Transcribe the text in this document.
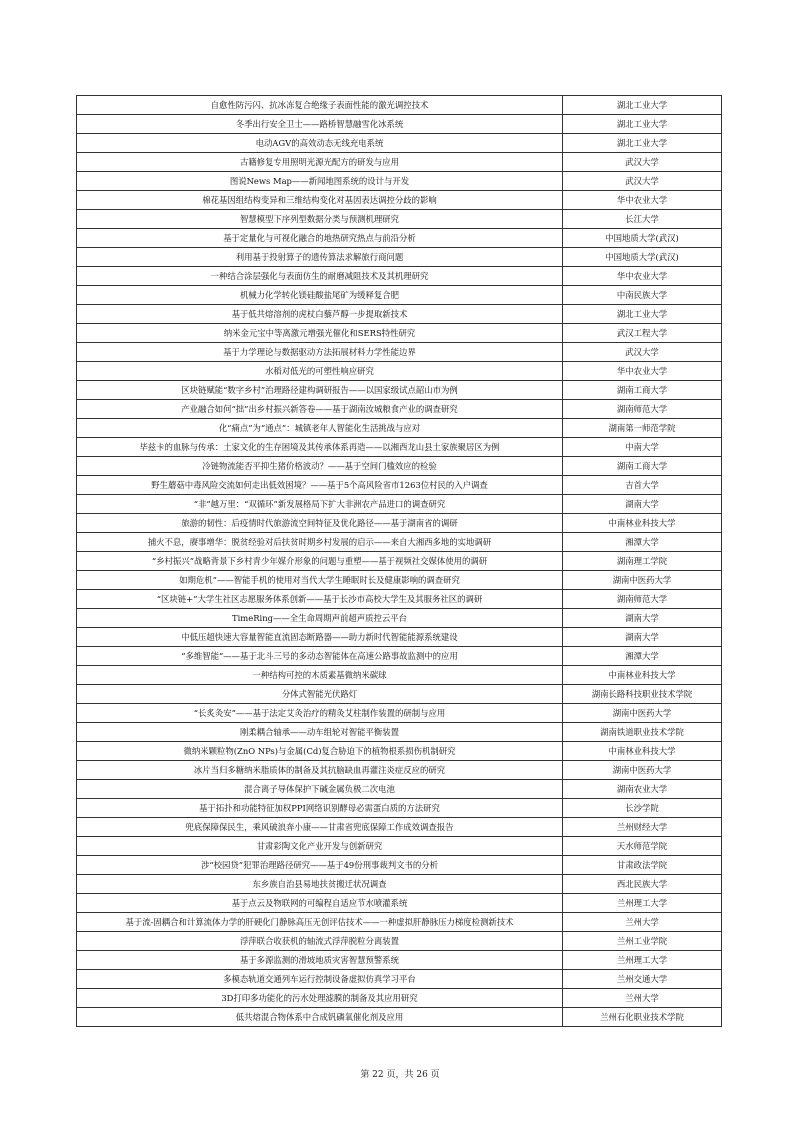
自愈性防污闪、抗冰冻复合绝缘子表面性能的激光调控技术	湖北工业大学
冬季出行安全卫士——路桥智慧融雪化冰系统	湖北工业大学
电动AGV的高效动态无线充电系统	湖北工业大学
古籍修复专用照明光源光配方的研发与应用	武汉大学
图说News Map——新闻地图系统的设计与开发	武汉大学
棉花基因组结构变异和三维结构变化对基因表达调控分歧的影响	华中农业大学
智慧模型下序列型数据分类与预测机理研究	长江大学
基于定量化与可视化融合的地热研究热点与前沿分析	中国地质大学(武汉)
利用基于投射算子的遗传算法求解旅行商问题	中国地质大学(武汉)
一种结合涂层强化与表面仿生的耐磨减阻技术及其机理研究	华中农业大学
机械力化学转化镁硅酸盐尾矿为缓释复合肥	中南民族大学
基于低共熔溶剂的虎杖白藜芦醇一步提取新技术	湖北工业大学
纳米金元宝中等离激元增强光催化和SERS特性研究	武汉工程大学
基于力学理论与数据驱动方法拓展材料力学性能边界	武汉大学
水稻对低光的可塑性响应研究	华中农业大学
区块链赋能“数字乡村”治理路径建构调研报告——以国家级试点韶山市为例	湖南工商大学
产业融合如何“拙”出乡村振兴新答卷——基于湖南汝城粮食产业的调查研究	湖南师范大学
化“痛点”为“通点”：城镇老年人智能化生活挑战与应对	湖南第一师范学院
毕兹卡的血脉与传承：土家文化的生存困境及其传承体系再造——以湘西龙山县土家族聚居区为例	中南大学
冷链物流能否平抑生猪价格波动？——基于空间门槛效应的检验	湖南工商大学
野生蘑菇中毒风险交流如何走出低效困境？——基于5个高风险省市1263位村民的入户调查	吉首大学
“非”越万里：“双循环”新发展格局下扩大非洲农产品进口的调查研究	湖南大学
旅游的韧性：后疫情时代旅游流空间特征及优化路径——基于湖南省的调研	中南林业科技大学
捕火不息，赓事增华：脱贫经验对后扶贫时期乡村发展的启示——来自大湘西多地的实地调研	湘潭大学
“乡村振兴”战略背景下乡村青少年媒介形象的问题与重塑——基于视频社交媒体使用的调研	湖南理工学院
如期危机”——智能手机的使用对当代大学生睡眠时长及健康影响的调查研究	湖南中医药大学
“区块链+”大学生社区志愿服务体系创新——基于长沙市高校大学生及其服务社区的调研	湖南师范大学
TimeRing——全生命周期声前超声质控云平台	湖南大学
中低压超快速大容量智能直流固态断路器——助力新时代智能能源系统建设	湖南大学
“多维智能”——基于北斗三号的多动态智能体在高速公路事故监测中的应用	湘潭大学
一种结构可控的木质素基微纳米碳球	中南林业科技大学
分体式智能光伏路灯	湖南长路科技职业技术学院
“长炙灸安”——基于法定艾灸治疗的精灸艾柱制作装置的研制与应用	湖南中医药大学
刚柔耦合轴承——动车组轮对智能平衡装置	湖南铁道职业技术学院
微纳米颗粒物(ZnO NPs)与金属(Cd)复合胁迫下的植物根系损伤机制研究	中南林业科技大学
冰片当归多糖纳米脂质体的制备及其抗脑缺血再灌注炎症反应的研究	湖南中医药大学
混合离子导体保护下碱金属负极二次电池	湖南农业大学
基于拓扑和功能特征加权PPI网络识别酵母必需蛋白质的方法研究	长沙学院
兜底保障保民生，乘风破浪奔小康——甘肃省兜底保障工作成效调查报告	兰州财经大学
甘肃彩陶文化产业开发与创新研究	天水师范学院
涉“校园贷”犯罪治理路径研究——基于49份刑事裁判文书的分析	甘肃政法学院
东乡族自治县易地扶贫搬迁状况调查	西北民族大学
基于点云及物联网的可编程自适应节水喷灌系统	兰州理工大学
基于流-固耦合和计算流体力学的肝硬化门静脉高压无创评估技术——一种虚拟肝静脉压力梯度检测新技术	兰州大学
浮萍联合收获机的轴流式浮萍脱粒分离装置	兰州工业学院
基于多源监测的滑坡地质灾害智慧预警系统	兰州理工大学
多模态轨道交通列车运行控制设备虚拟仿真学习平台	兰州交通大学
3D打印多功能化的污水处理滤膜的制备及其应用研究	兰州大学
低共熔混合物体系中合成钒磷氧催化剂及应用	兰州石化职业技术学院
第 22 页，共 26 页
